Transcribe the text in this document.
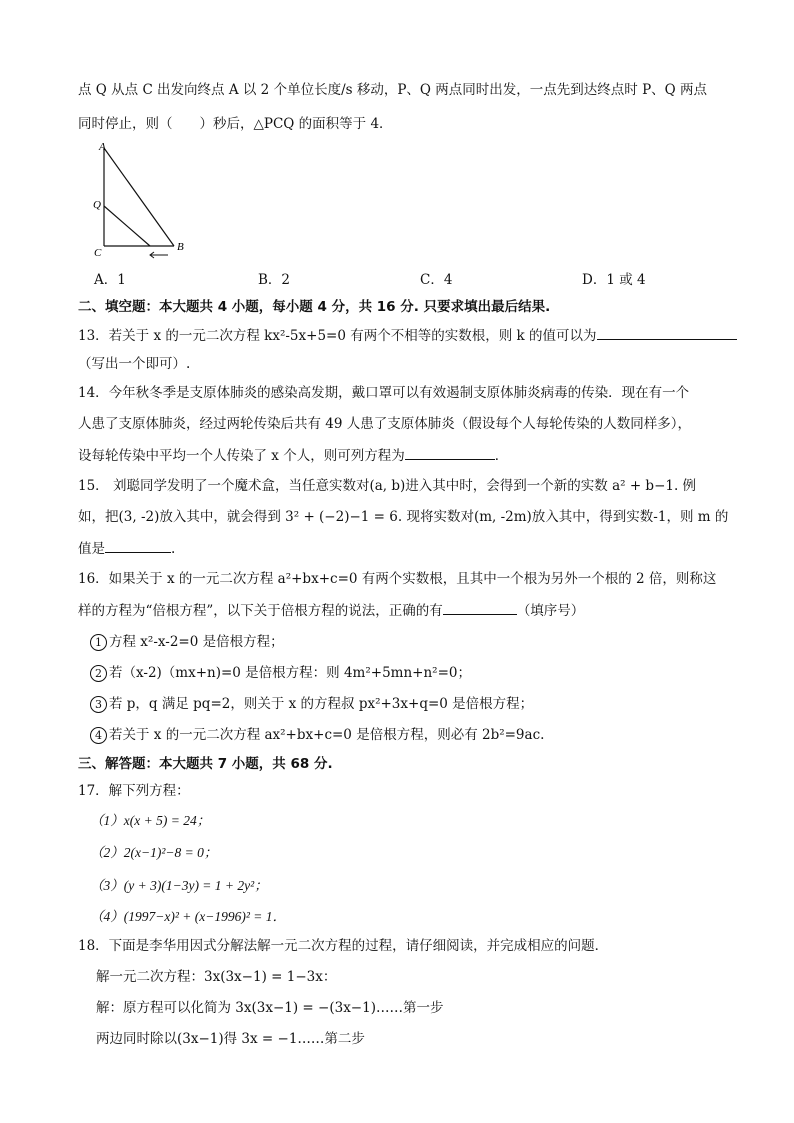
点 Q 从点 C 出发向终点 A 以 2 个单位长度/s 移动，P、Q 两点同时出发，一点先到达终点时 P、Q 两点
同时停止，则（　　）秒后，△PCQ 的面积等于 4．
A
Q
C	B
A．1	B．2	C．4	D．1 或 4
二、填空题：本大题共 4 小题，每小题 4 分，共 16 分. 只要求填出最后结果.
13．若关于 x 的一元二次方程 kx²-5x+5=0 有两个不相等的实数根，则 k 的值可以为
（写出一个即可）.
14．今年秋冬季是支原体肺炎的感染高发期，戴口罩可以有效遏制支原体肺炎病毒的传染．现在有一个
人患了支原体肺炎，经过两轮传染后共有 49 人患了支原体肺炎（假设每个人每轮传染的人数同样多），
设每轮传染中平均一个人传染了 x 个人，则可列方程为	．
15． 刘聪同学发明了一个魔术盒，当任意实数对(a, b)进入其中时，会得到一个新的实数 a² + b−1. 例
如，把(3, -2)放入其中，就会得到 3² + (−2)−1 = 6. 现将实数对(m, -2m)放入其中，得到实数-1，则 m 的
值是	.
16．如果关于 x 的一元二次方程 a²+bx+c=0 有两个实数根，且其中一个根为另外一个根的 2 倍，则称这
样的方程为“倍根方程”，以下关于倍根方程的说法，正确的有	（填序号）
1 方程 x²-x-2=0 是倍根方程；
2 若（x-2)（mx+n)=0 是倍根方程：则 4m²+5mn+n²=0；
3 若 p，q 满足 pq=2，则关于 x 的方程叔 px²+3x+q=0 是倍根方程；
4 若关于 x 的一元二次方程 ax²+bx+c=0 是倍根方程，则必有 2b²=9ac.
三、解答题：本大题共 7 小题，共 68 分.
17．解下列方程：
（1）x(x + 5) = 24；
（2）2(x−1)²−8 = 0；
（3）(y + 3)(1−3y) = 1 + 2y²；
（4）(1997−x)² + (x−1996)² = 1．
18．下面是李华用因式分解法解一元二次方程的过程，请仔细阅读，并完成相应的问题．
解一元二次方程：3x(3x−1) = 1−3x：
解：原方程可以化简为 3x(3x−1) = −(3x−1)……第一步
两边同时除以(3x−1)得 3x = −1……第二步
